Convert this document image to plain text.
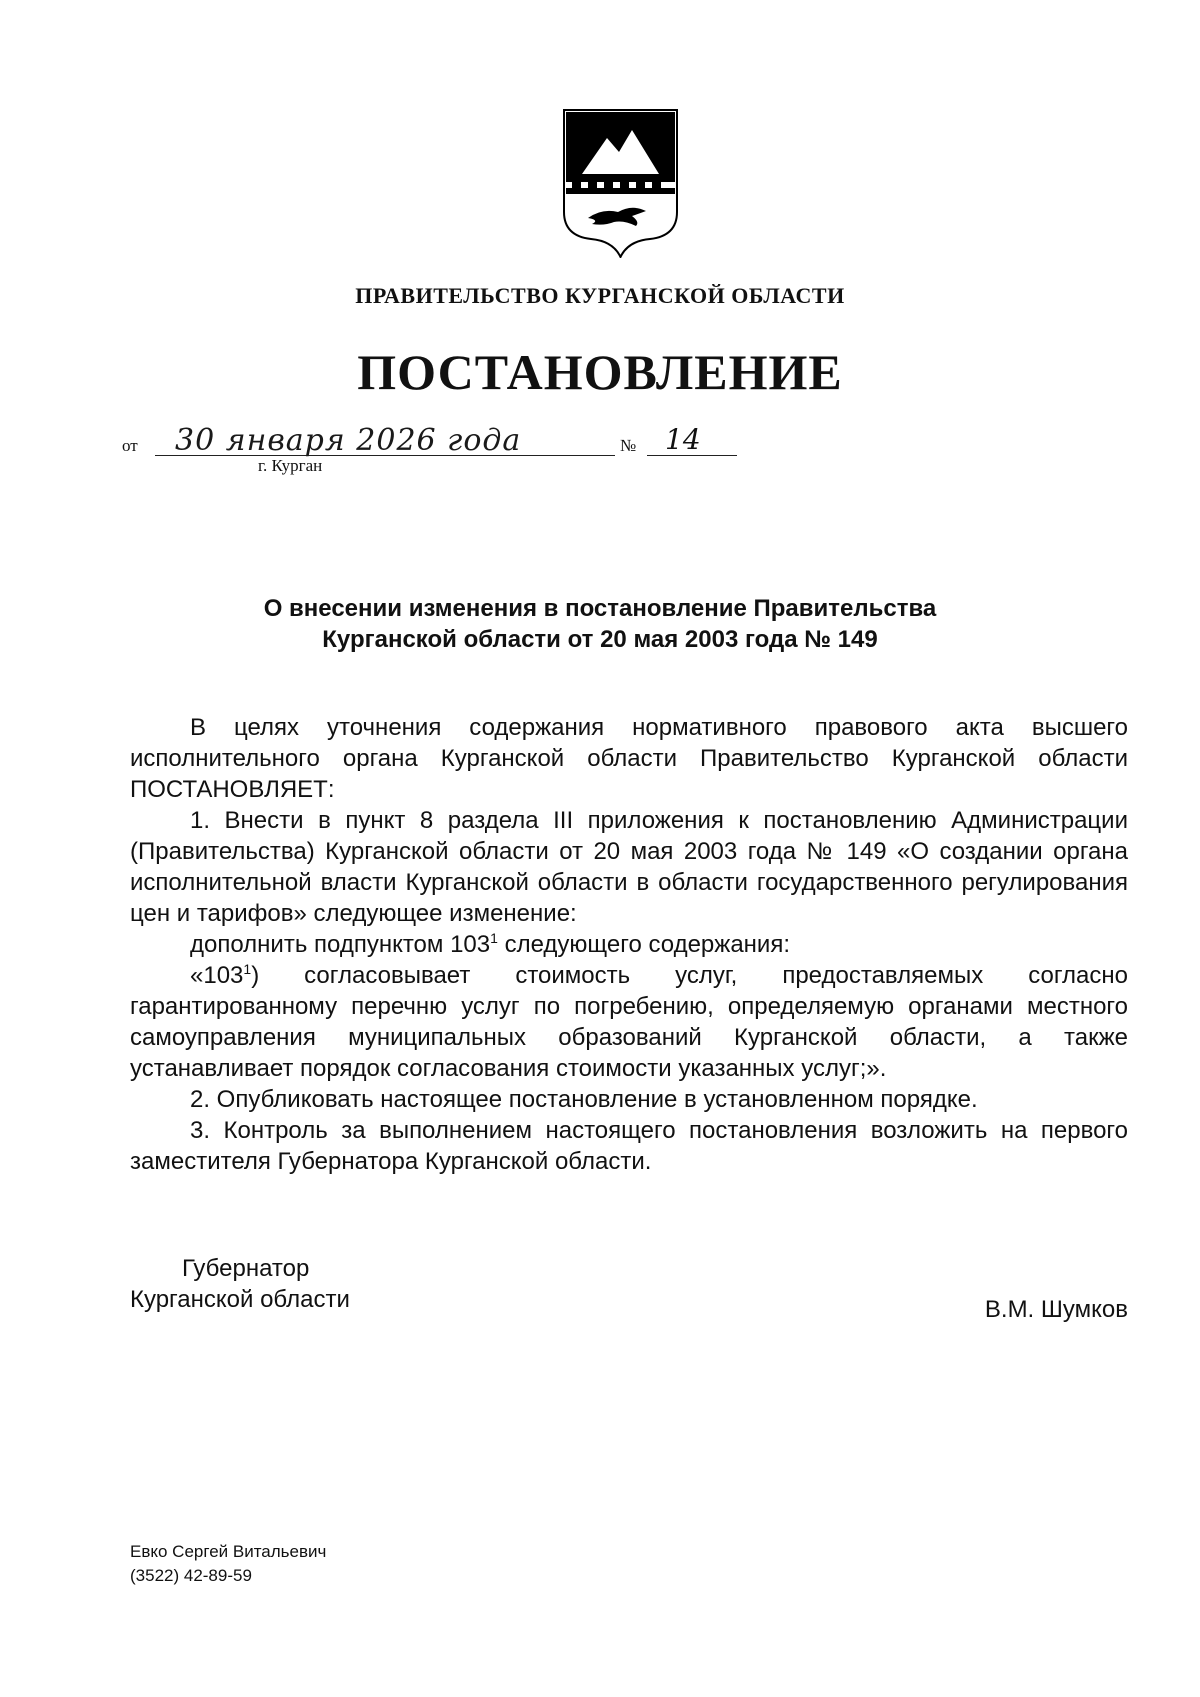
ПРАВИТЕЛЬСТВО КУРГАНСКОЙ ОБЛАСТИ
ПОСТАНОВЛЕНИЕ
от 30 января 2026 года	№ 14
г. Курган
О внесении изменения в постановление Правительства
Курганской области от 20 мая 2003 года № 149

В целях уточнения содержания нормативного правового акта высшего исполнительного органа Курганской области Правительство Курганской области ПОСТАНОВЛЯЕТ:

1. Внести в пункт 8 раздела III приложения к постановлению Администрации (Правительства) Курганской области от 20 мая 2003 года № 149 «О создании органа исполнительной власти Курганской области в области государственного регулирования цен и тарифов» следующее изменение:

дополнить подпунктом $103^1$ следующего содержания:

«$103^1$) согласовывает стоимость услуг, предоставляемых согласно гарантированному перечню услуг по погребению, определяемую органами местного самоуправления муниципальных образований Курганской области, а также устанавливает порядок согласования стоимости указанных услуг;».

2. Опубликовать настоящее постановление в установленном порядке.

3. Контроль за выполнением настоящего постановления возложить на первого заместителя Губернатора Курганской области.

Губернатор
Курганской области	В.М. Шумков
Евко Сергей Витальевич
(3522) 42-89-59
